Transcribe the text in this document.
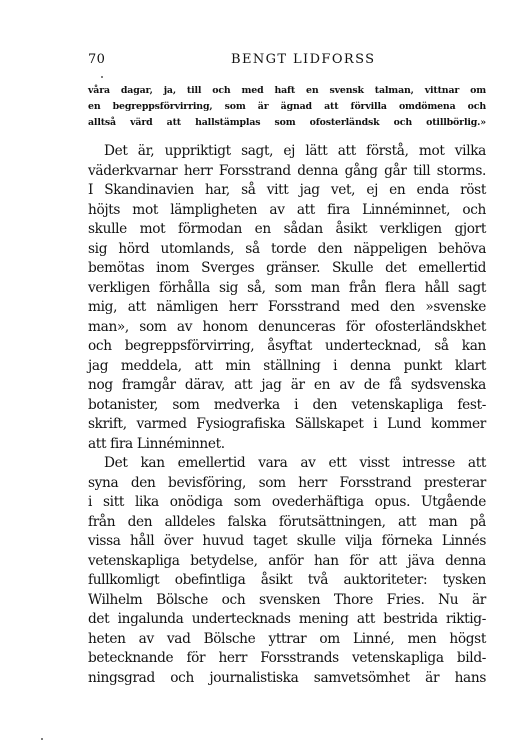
70	BENGT LIDFORSS
våra dagar, ja, till och med haft en svensk talman, vittnar om
en begreppsförvirring, som är ägnad att förvilla omdömena och
alltså värd att hallstämplas som ofosterländsk och otillbörlig.»
Det är, uppriktigt sagt, ej lätt att förstå, mot vilka
väderkvarnar herr Forsstrand denna gång går till storms.
I Skandinavien har, så vitt jag vet, ej en enda röst
höjts mot lämpligheten av att fira Linnéminnet, och
skulle mot förmodan en sådan åsikt verkligen gjort
sig hörd utomlands, så torde den näppeligen behöva
bemötas inom Sverges gränser. Skulle det emellertid
verkligen förhålla sig så, som man från flera håll sagt
mig, att nämligen herr Forsstrand med den »svenske
man», som av honom denunceras för ofosterländskhet
och begreppsförvirring, åsyftat undertecknad, så kan
jag meddela, att min ställning i denna punkt klart
nog framgår därav, att jag är en av de få sydsvenska
botanister, som medverka i den vetenskapliga fest-
skrift, varmed Fysiografiska Sällskapet i Lund kommer
att fira Linnéminnet.
Det kan emellertid vara av ett visst intresse att
syna den bevisföring, som herr Forsstrand presterar
i sitt lika onödiga som ovederhäftiga opus. Utgående
från den alldeles falska förutsättningen, att man på
vissa håll över huvud taget skulle vilja förneka Linnés
vetenskapliga betydelse, anför han för att jäva denna
fullkomligt obefintliga åsikt två auktoriteter: tysken
Wilhelm Bölsche och svensken Thore Fries. Nu är
det ingalunda undertecknads mening att bestrida riktig-
heten av vad Bölsche yttrar om Linné, men högst
betecknande för herr Forsstrands vetenskapliga bild-
ningsgrad och journalistiska samvetsömhet är hans
